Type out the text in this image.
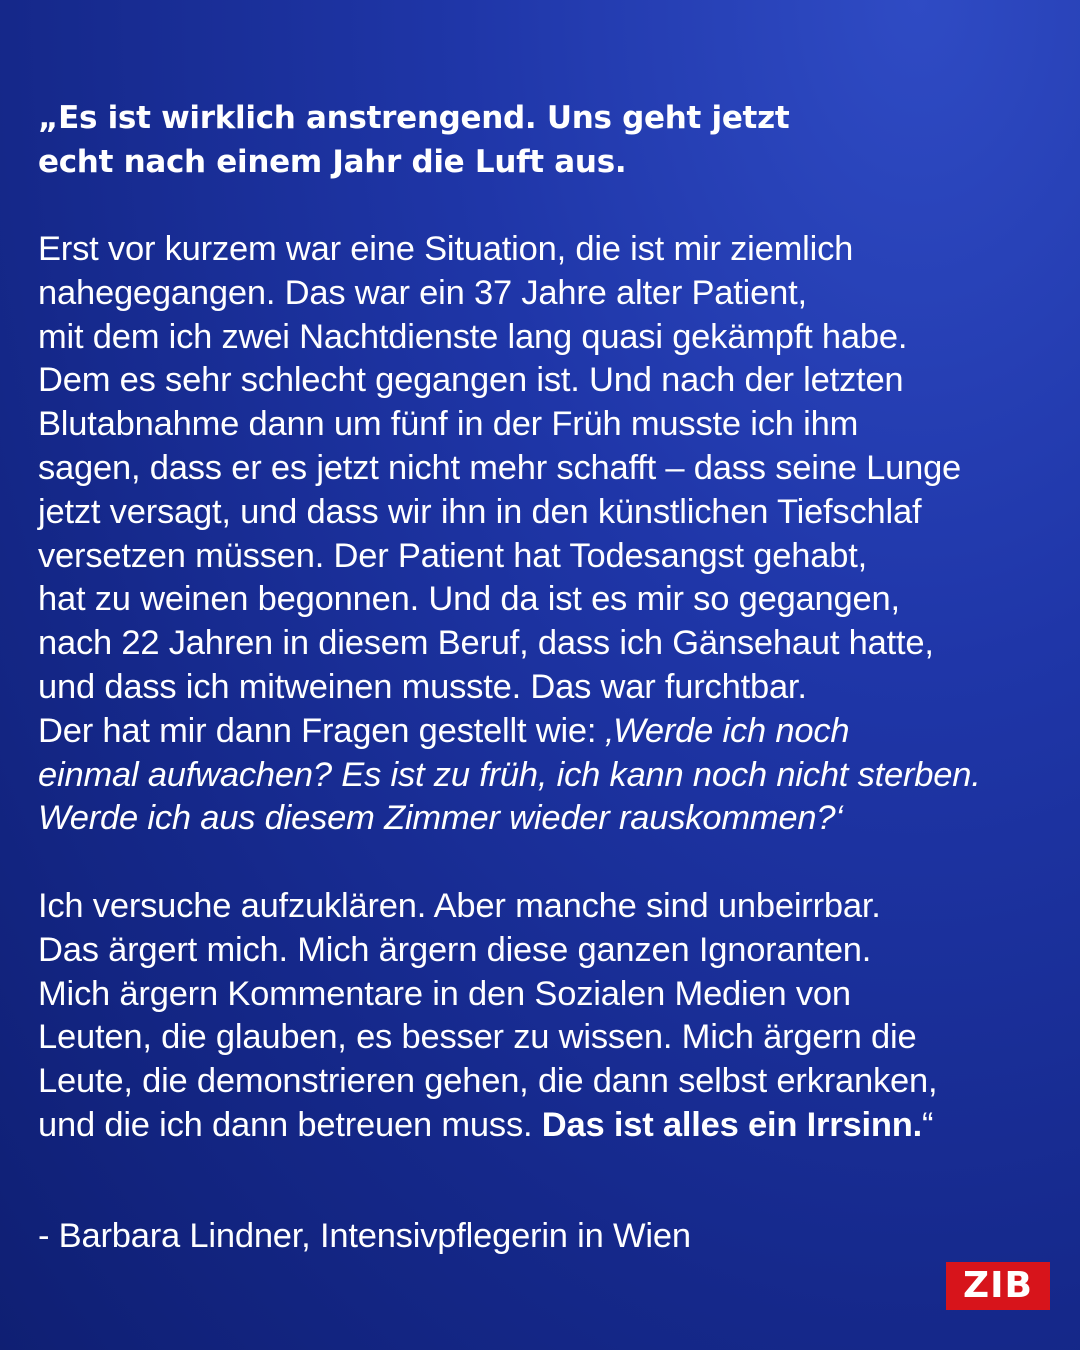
„Es ist wirklich anstrengend. Uns geht jetzt
echt nach einem Jahr die Luft aus.

Erst vor kurzem war eine Situation, die ist mir ziemlich
nahegegangen. Das war ein 37 Jahre alter Patient,
mit dem ich zwei Nachtdienste lang quasi gekämpft habe.
Dem es sehr schlecht gegangen ist. Und nach der letzten
Blutabnahme dann um fünf in der Früh musste ich ihm
sagen, dass er es jetzt nicht mehr schafft – dass seine Lunge
jetzt versagt, und dass wir ihn in den künstlichen Tiefschlaf
versetzen müssen. Der Patient hat Todesangst gehabt,
hat zu weinen begonnen. Und da ist es mir so gegangen,
nach 22 Jahren in diesem Beruf, dass ich Gänsehaut hatte,
und dass ich mitweinen musste. Das war furchtbar.
Der hat mir dann Fragen gestellt wie: ‚Werde ich noch
einmal aufwachen? Es ist zu früh, ich kann noch nicht sterben.
Werde ich aus diesem Zimmer wieder rauskommen?‘

Ich versuche aufzuklären. Aber manche sind unbeirrbar.
Das ärgert mich. Mich ärgern diese ganzen Ignoranten.
Mich ärgern Kommentare in den Sozialen Medien von
Leuten, die glauben, es besser zu wissen. Mich ärgern die
Leute, die demonstrieren gehen, die dann selbst erkranken,
und die ich dann betreuen muss. Das ist alles ein Irrsinn.“

- Barbara Lindner, Intensivpflegerin in Wien
ZIB
